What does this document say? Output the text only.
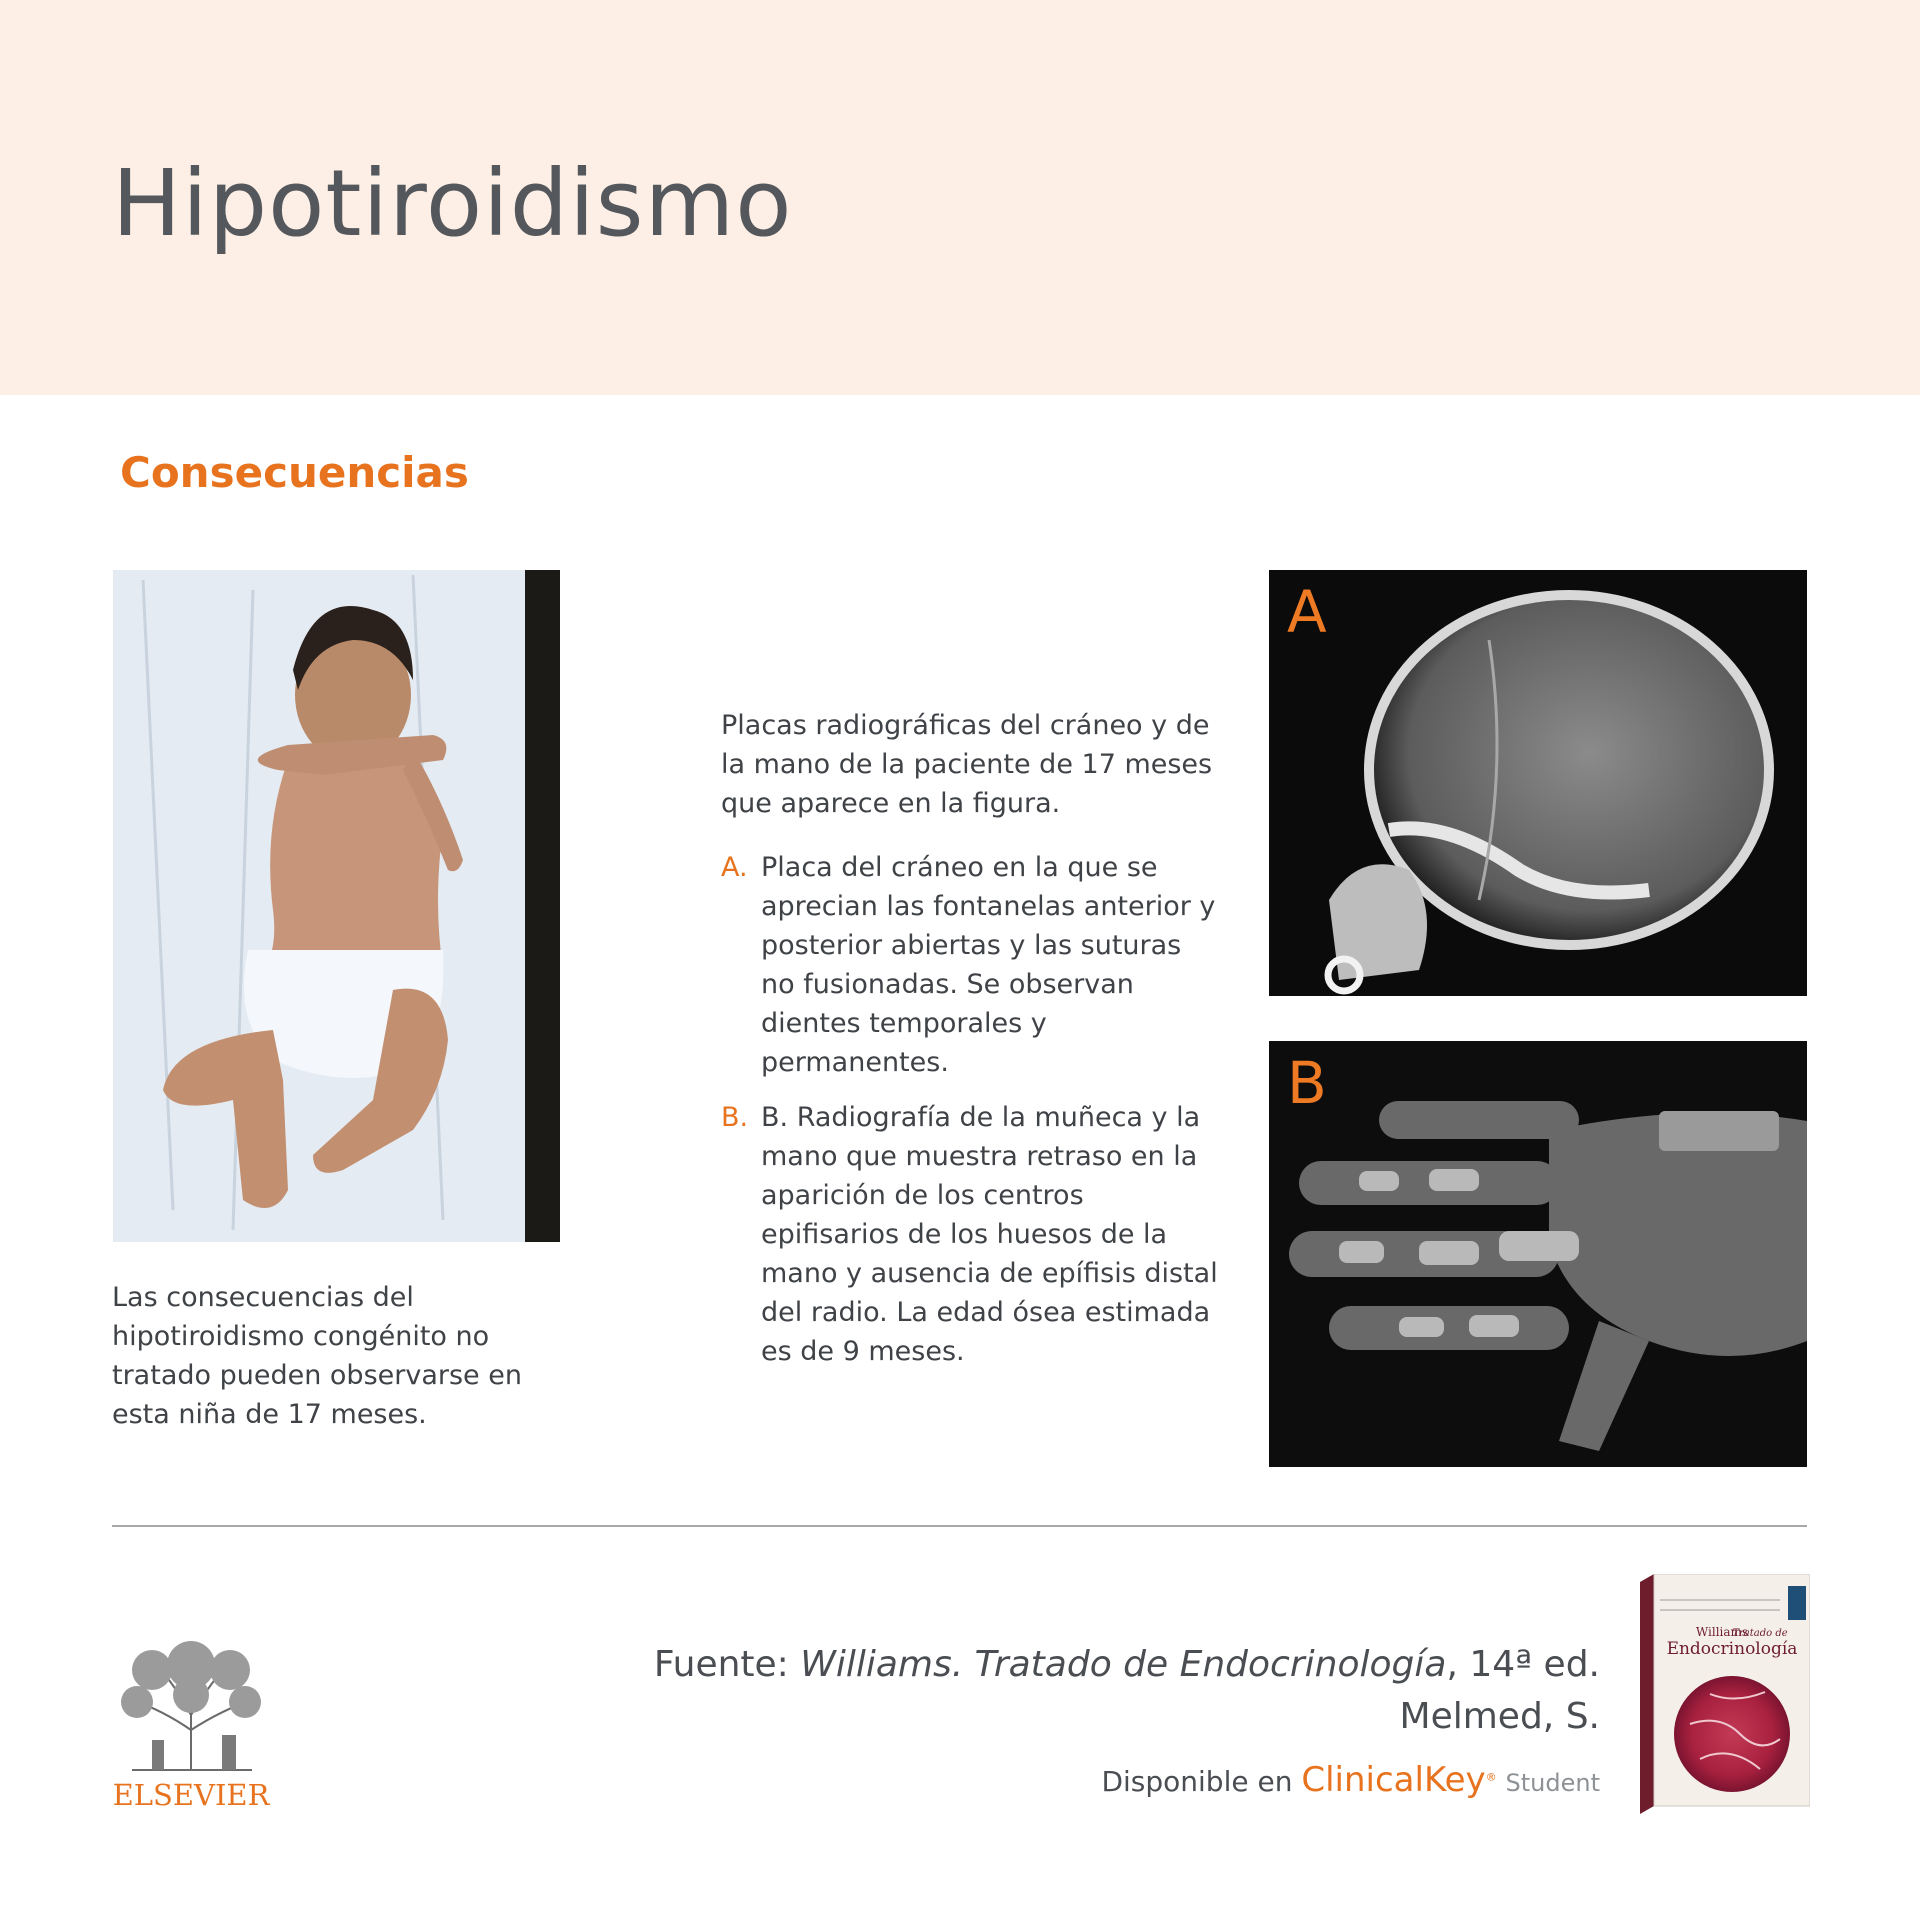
Hipotiroidismo
Consecuencias

Las consecuencias del hipotiroidismo congénito no tratado pueden observarse en esta niña de 17 meses.

Placas radiográficas del cráneo y de la mano de la paciente de 17 meses que aparece en la figura.

A. Placa del cráneo en la que se aprecian las fontanelas anterior y posterior abiertas y las suturas no fusionadas. Se observan dientes temporales y permanentes.
B. B. Radiografía de la muñeca y la mano que muestra retraso en la aparición de los centros epifisarios de los huesos de la mano y ausencia de epífisis distal del radio. La edad ósea estimada es de 9 meses.
A
B
ELSEVIER
Fuente: Williams. Tratado de Endocrinología, 14ª ed.
Melmed, S.
Disponible en ClinicalKey® Student
Williams
Tratado de
Endocrinología
